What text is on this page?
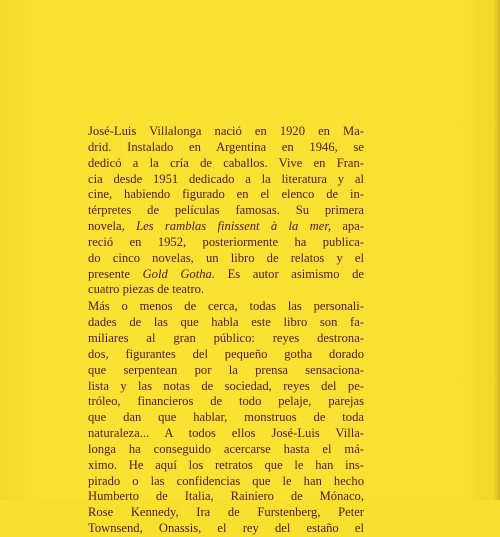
José-Luis Villalonga nació en 1920 en Ma-
drid. Instalado en Argentina en 1946, se
dedicó a la cría de caballos. Vive en Fran-
cia desde 1951 dedicado a la literatura y al
cine, habiendo figurado en el elenco de in-
térpretes de películas famosas. Su primera
novela, Les ramblas finissent à la mer, apa-
reció en 1952, posteriormente ha publica-
do cinco novelas, un libro de relatos y el
presente Gold Gotha. Es autor asimismo de
cuatro piezas de teatro.
Más o menos de cerca, todas las personali-
dades de las que habla este libro son fa-
miliares al gran público: reyes destrona-
dos, figurantes del pequeño gotha dorado
que serpentean por la prensa sensaciona-
lista y las notas de sociedad, reyes del pe-
tróleo, financieros de todo pelaje, parejas
que dan que hablar, monstruos de toda
naturaleza... A todos ellos José-Luis Villa-
longa ha conseguido acercarse hasta el má-
ximo. He aquí los retratos que le han ins-
pirado o las confidencias que le han hecho
Humberto de Italia, Rainiero de Mónaco,
Rose Kennedy, Ira de Furstenberg, Peter
Townsend, Onassis, el rey del estaño el
